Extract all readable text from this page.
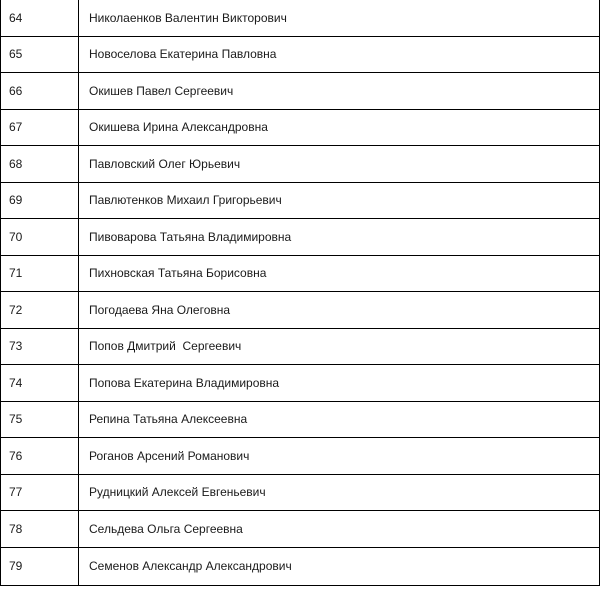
64	Николаенков Валентин Викторович
65	Новоселова Екатерина Павловна
66	Окишев Павел Сергеевич
67	Окишева Ирина Александровна
68	Павловский Олег Юрьевич
69	Павлютенков Михаил Григорьевич
70	Пивоварова Татьяна Владимировна
71	Пихновская Татьяна Борисовна
72	Погодаева Яна Олеговна
73	Попов Дмитрий  Сергеевич
74	Попова Екатерина Владимировна
75	Репина Татьяна Алексеевна
76	Роганов Арсений Романович
77	Рудницкий Алексей Евгеньевич
78	Сельдева Ольга Сергеевна
79	Семенов Александр Александрович
